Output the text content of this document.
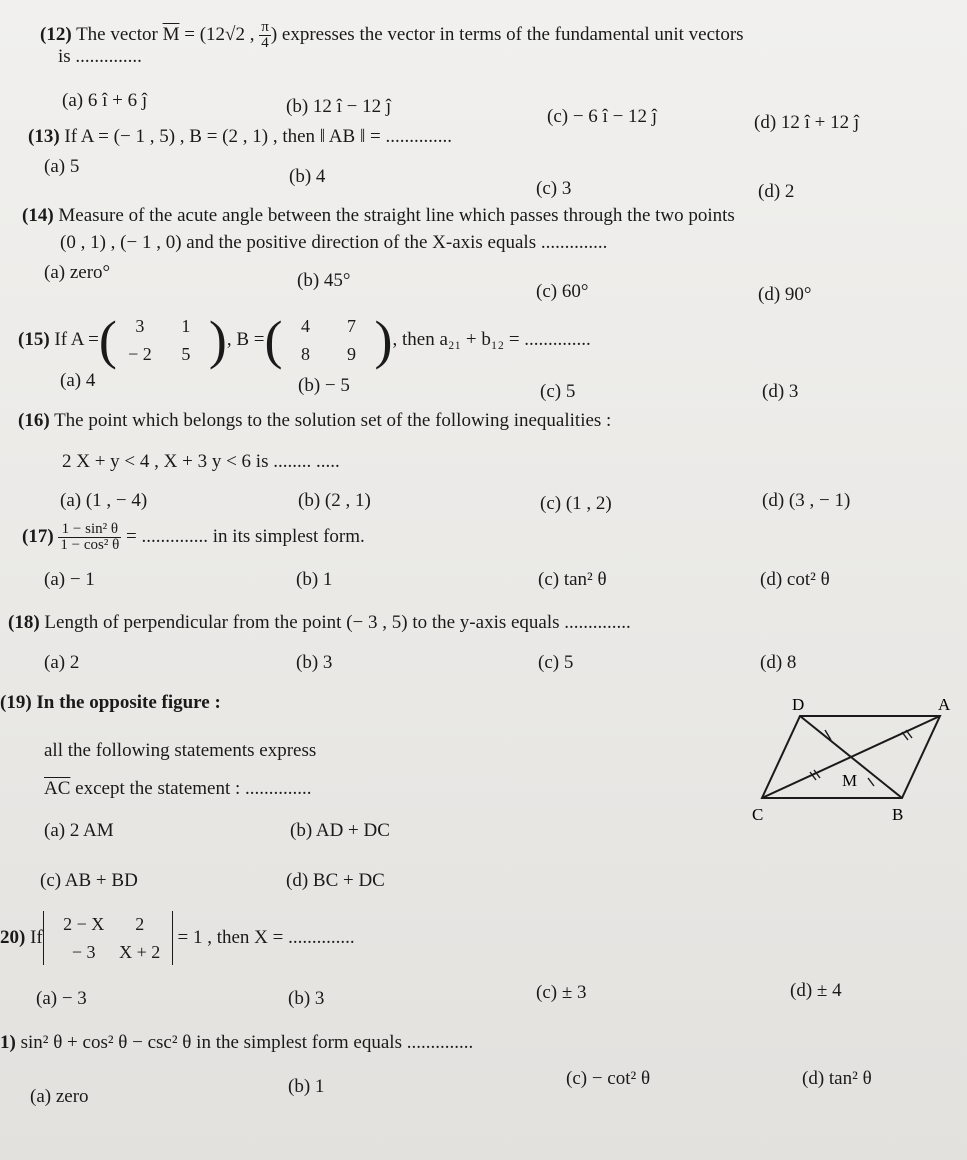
(12) The vector $\overline{M} = (12√2$ , $\frac{\pi}{4}$ ) expresses the vector in terms of the fundamental unit vectors
is ..............
(a) 6 î + 6 ĵ	(b) 12 î − 12 ĵ	(c) − 6 î − 12 ĵ	(d) 12 î + 12 ĵ
(13) If A = (− 1 , 5) , B = (2 , 1) , then ‖ AB ‖ = ..............
(a) 5	(b) 4
(c) 3	(d) 2
(14) Measure of the acute angle between the straight line which passes through the two points
(0 , 1) , (− 1 , 0) and the positive direction of the X-axis equals ..............
(a) zero°	(b) 45°
(c) 60°	(d) 90°
(15)
If A = (	3	1
− 2	5 ) , B = (	4	7
8	9 ) , then a₂₁ + b₁₂ = ..............
(a) 4	(b) − 5	(c) 5	(d) 3
(16) The point which belongs to the solution set of the following inequalities :
2 X + y < 4 , X + 3 y < 6 is ........ .....
(a) (1 , − 4)	(b) (2 , 1)	(c) (1 , 2)	(d) (3 , − 1)
(17)
$\frac{\text{1 − sin² θ}}{\text{1 − cos² θ}}$
= .............. in its simplest form.
(a) − 1	(b) 1	(c) tan² θ	(d) cot² θ
(18) Length of perpendicular from the point (− 3 , 5) to the y-axis equals ..............
(a) 2	(b) 3	(c) 5	(d) 8
(19) In the opposite figure :
all the following statements express
$\overline{AC}$ except the statement : ..............
(a) 2 AM	(b) AD + DC
(c) AB + BD	(d) BC + DC
D	A
M
C	B
20)
If
2 − X	2
− 3	X + 2

= 1 , then X = ..............
(a) − 3	(b) 3	(c) ± 3	(d) ± 4
1) sin² θ + cos² θ − csc² θ in the simplest form equals ..............
(a) zero	(b) 1	(c) − cot² θ	(d) tan² θ
